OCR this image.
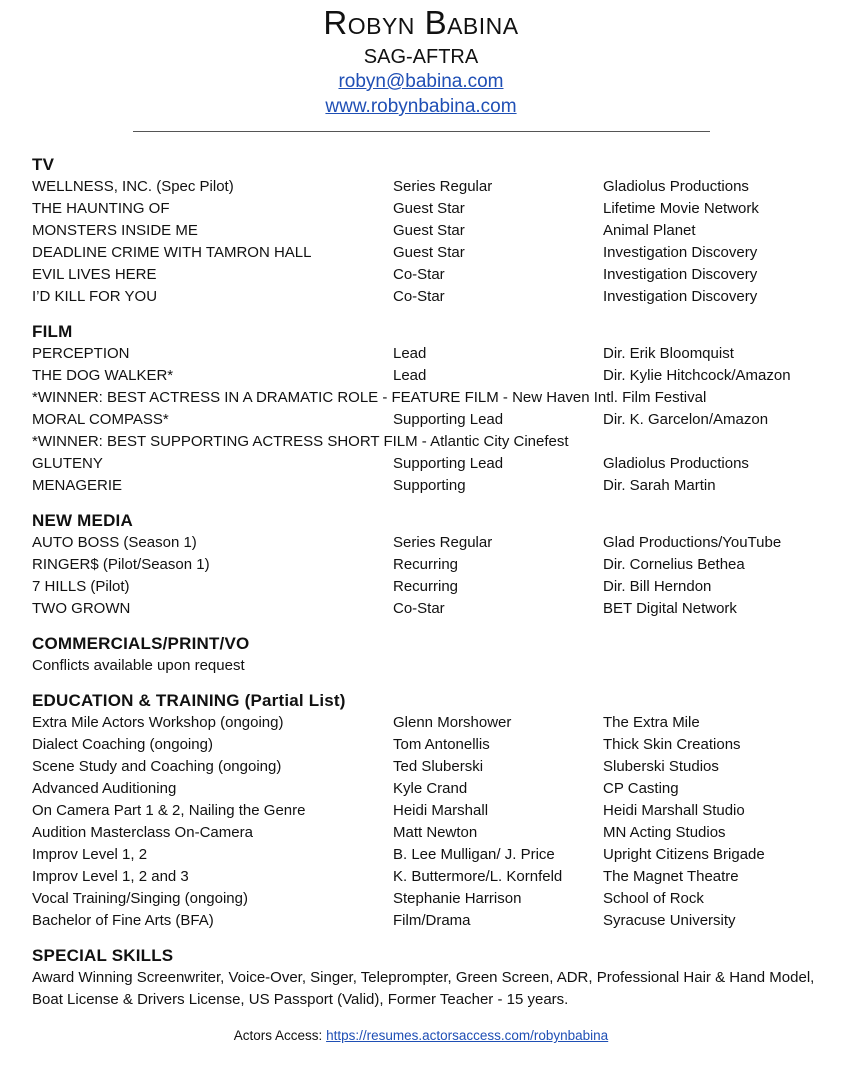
Robyn Babina
SAG-AFTRA
robyn@babina.com
www.robynbabina.com
TV
WELLNESS, INC. (Spec Pilot)	Series Regular	Gladiolus Productions
THE HAUNTING OF	Guest Star	Lifetime Movie Network
MONSTERS INSIDE ME	Guest Star	Animal Planet
DEADLINE CRIME WITH TAMRON HALL	Guest Star	Investigation Discovery
EVIL LIVES HERE	Co-Star	Investigation Discovery
I’D KILL FOR YOU	Co-Star	Investigation Discovery
FILM
PERCEPTION	Lead	Dir. Erik Bloomquist
THE DOG WALKER*	Lead	Dir. Kylie Hitchcock/Amazon
*WINNER: BEST ACTRESS IN A DRAMATIC ROLE - FEATURE FILM - New Haven Intl. Film Festival
MORAL COMPASS*	Supporting Lead	Dir. K. Garcelon/Amazon
*WINNER: BEST SUPPORTING ACTRESS SHORT FILM - Atlantic City Cinefest
GLUTENY	Supporting Lead	Gladiolus Productions
MENAGERIE	Supporting	Dir. Sarah Martin
NEW MEDIA
AUTO BOSS (Season 1)	Series Regular	Glad Productions/YouTube
RINGER$ (Pilot/Season 1)	Recurring	Dir. Cornelius Bethea
7 HILLS (Pilot)	Recurring	Dir. Bill Herndon
TWO GROWN	Co-Star	BET Digital Network
COMMERCIALS/PRINT/VO
Conflicts available upon request
EDUCATION & TRAINING (Partial List)
Extra Mile Actors Workshop (ongoing)	Glenn Morshower	The Extra Mile
Dialect Coaching (ongoing)	Tom Antonellis	Thick Skin Creations
Scene Study and Coaching (ongoing)	Ted Sluberski	Sluberski Studios
Advanced Auditioning	Kyle Crand	CP Casting
On Camera Part 1 & 2, Nailing the Genre	Heidi Marshall	Heidi Marshall Studio
Audition Masterclass On-Camera	Matt Newton	MN Acting Studios
Improv Level 1, 2	B. Lee Mulligan/ J. Price	Upright Citizens Brigade
Improv Level 1, 2 and 3	K. Buttermore/L. Kornfeld	The Magnet Theatre
Vocal Training/Singing (ongoing)	Stephanie Harrison	School of Rock
Bachelor of Fine Arts (BFA)	Film/Drama	Syracuse University
SPECIAL SKILLS
Award Winning Screenwriter, Voice-Over, Singer, Teleprompter, Green Screen, ADR, Professional Hair & Hand Model, Boat License & Drivers License, US Passport (Valid), Former Teacher - 15 years.
Actors Access: https://resumes.actorsaccess.com/robynbabina
